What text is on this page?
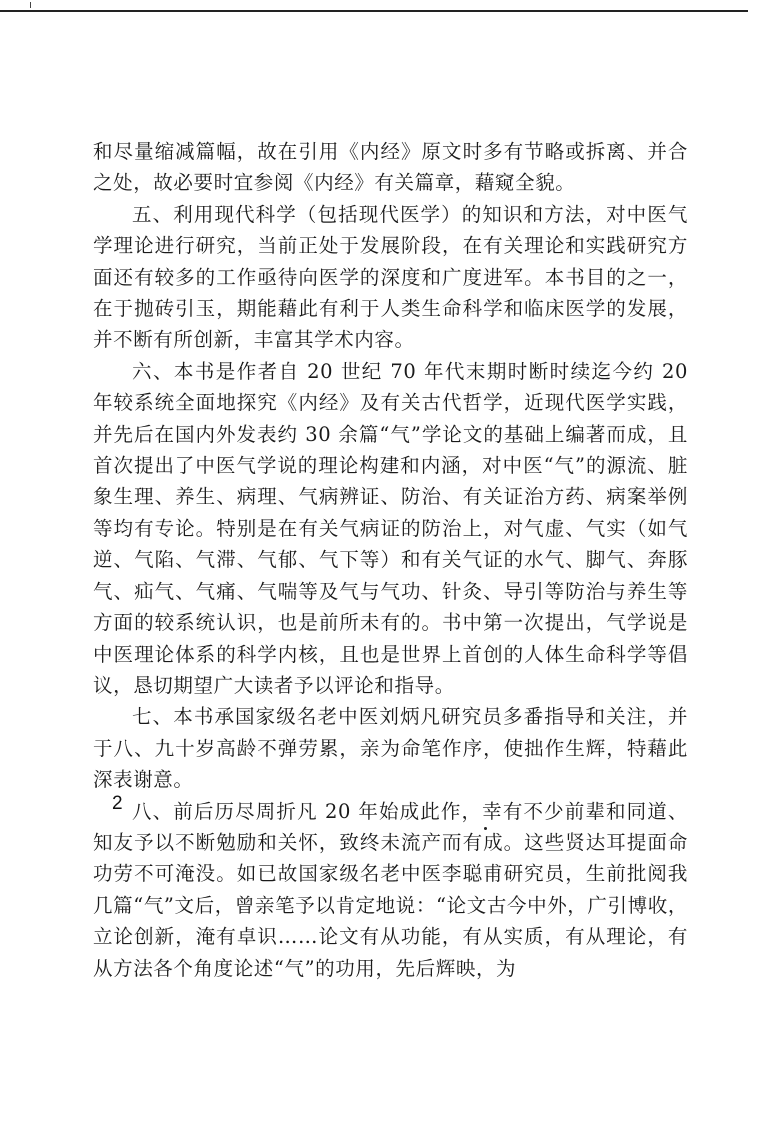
和尽量缩减篇幅，故在引用《内经》原文时多有节略或拆离、并合之处，故必要时宜参阅《内经》有关篇章，藉窥全貌。

五、利用现代科学（包括现代医学）的知识和方法，对中医气学理论进行研究，当前正处于发展阶段，在有关理论和实践研究方面还有较多的工作亟待向医学的深度和广度进军。本书目的之一，在于抛砖引玉，期能藉此有利于人类生命科学和临床医学的发展，并不断有所创新，丰富其学术内容。

六、本书是作者自 20 世纪 70 年代末期时断时续迄今约 20 年较系统全面地探究《内经》及有关古代哲学，近现代医学实践，并先后在国内外发表约 30 余篇“气”学论文的基础上编著而成，且首次提出了中医气学说的理论构建和内涵，对中医“气”的源流、脏象生理、养生、病理、气病辨证、防治、有关证治方药、病案举例等均有专论。特别是在有关气病证的防治上，对气虚、气实（如气逆、气陷、气滞、气郁、气下等）和有关气证的水气、脚气、奔豚气、疝气、气痛、气喘等及气与气功、针灸、导引等防治与养生等方面的较系统认识，也是前所未有的。书中第一次提出，气学说是中医理论体系的科学内核，且也是世界上首创的人体生命科学等倡议，恳切期望广大读者予以评论和指导。

七、本书承国家级名老中医刘炳凡研究员多番指导和关注，并于八、九十岁高龄不弹劳累，亲为命笔作序，使拙作生辉，特藉此深表谢意。

八、前后历尽周折凡 20 年始成此作，幸有不少前辈和同道、知友予以不断勉励和关怀，致终未流产而有成。这些贤达耳提面命功劳不可淹没。如已故国家级名老中医李聪甫研究员，生前批阅我几篇“气”文后，曾亲笔予以肯定地说：“论文古今中外，广引博收，立论创新，淹有卓识……论文有从功能，有从实质，有从理论，有从方法各个角度论述“气”的功用，先后辉映，为

2
